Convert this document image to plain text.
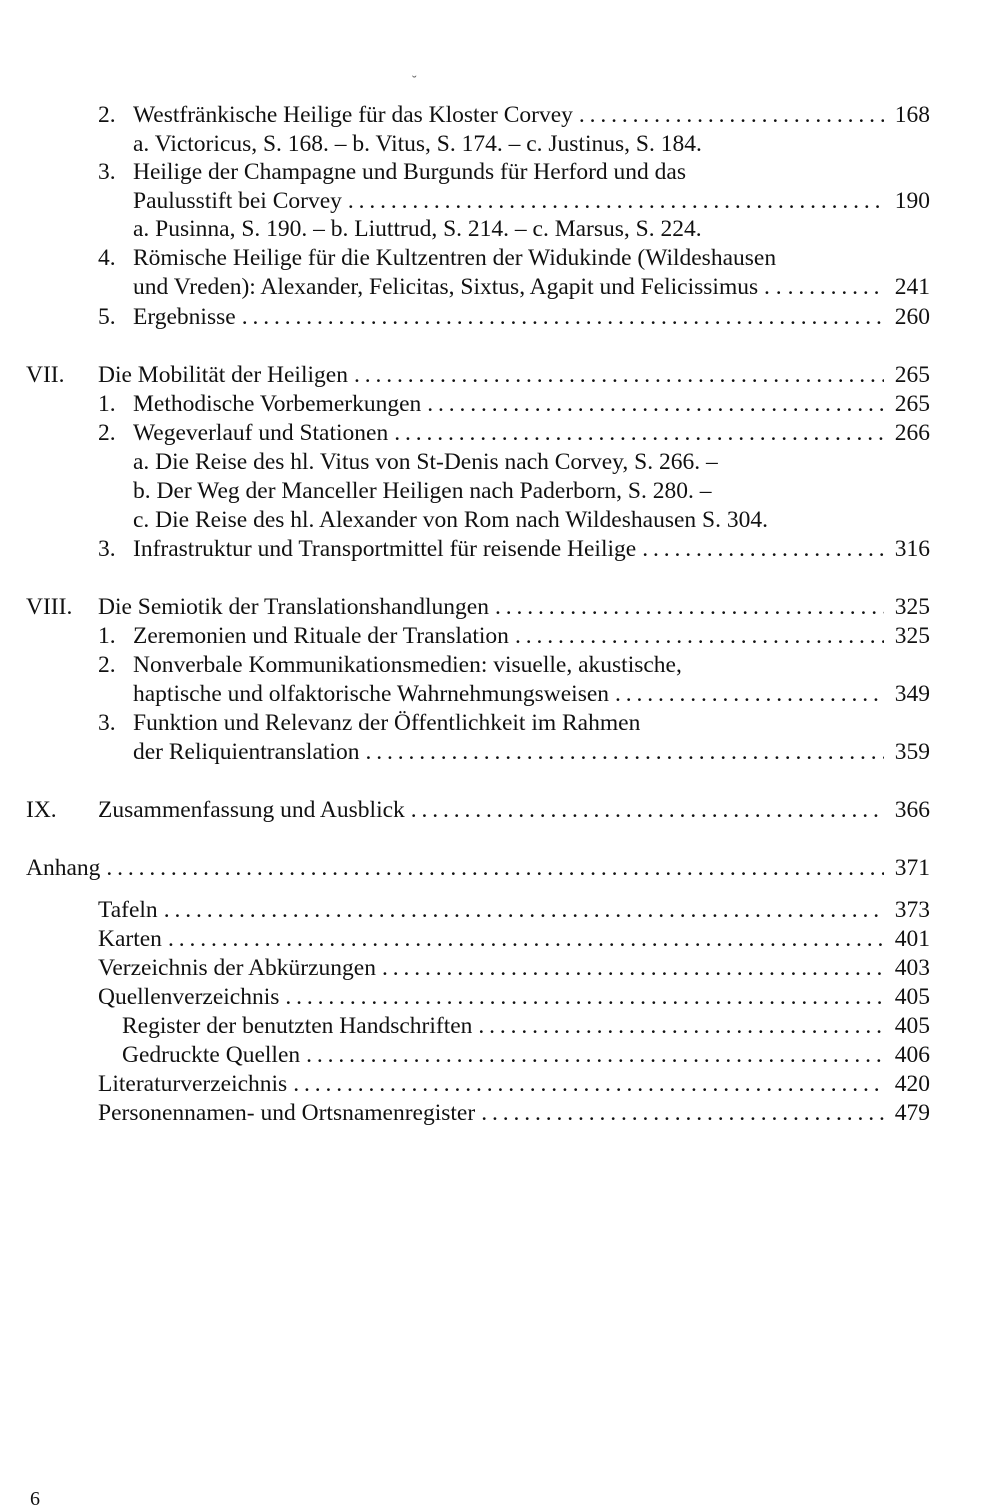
˘
2. Westfränkische Heilige für das Kloster Corvey . . .	168
a. Victoricus, S. 168. – b. Vitus, S. 174. – c. Justinus, S. 184.
3. Heilige der Champagne und Burgunds für Herford und das
Paulusstift bei Corvey . . .	190
a. Pusinna, S. 190. – b. Liuttrud, S. 214. – c. Marsus, S. 224.
4. Römische Heilige für die Kultzentren der Widukinde (Wildeshausen
und Vreden): Alexander, Felicitas, Sixtus, Agapit und Felicissimus . . . . .	241
5. Ergebnisse . . .	260
VII. Die Mobilität der Heiligen . . .	265
1. Methodische Vorbemerkungen . . .	265
2. Wegeverlauf und Stationen . . .	266
a. Die Reise des hl. Vitus von St-Denis nach Corvey, S. 266. –
b. Der Weg der Manceller Heiligen nach Paderborn, S. 280. –
c. Die Reise des hl. Alexander von Rom nach Wildeshausen S. 304.
3. Infrastruktur und Transportmittel für reisende Heilige . . .	316
VIII. Die Semiotik der Translationshandlungen . . .	325
1. Zeremonien und Rituale der Translation . . .	325
2. Nonverbale Kommunikationsmedien: visuelle, akustische,
haptische und olfaktorische Wahrnehmungsweisen . . .	349
3. Funktion und Relevanz der Öffentlichkeit im Rahmen
der Reliquientranslation . . .	359
IX. Zusammenfassung und Ausblick . . .	366
Anhang . . .	371
Tafeln . . .	373
Karten . . .	401
Verzeichnis der Abkürzungen . . .	403
Quellenverzeichnis . . .	405
Register der benutzten Handschriften . . .	405
Gedruckte Quellen . . .	406
Literaturverzeichnis . . .	420
Personennamen- und Ortsnamenregister . . .	479
6
